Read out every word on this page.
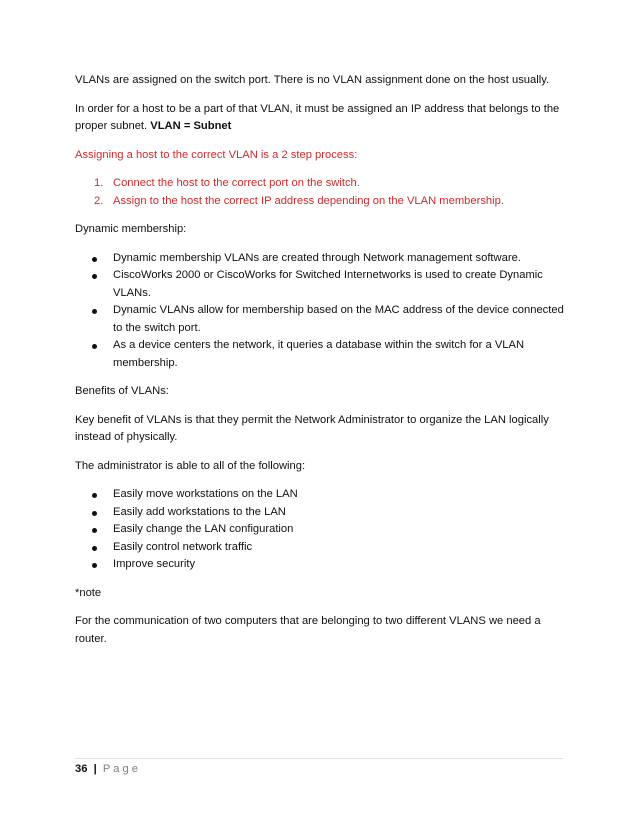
VLANs are assigned on the switch port. There is no VLAN assignment done on the host usually.

In order for a host to be a part of that VLAN, it must be assigned an IP address that belongs to the proper subnet. VLAN = Subnet

Assigning a host to the correct VLAN is a 2 step process:

1. Connect the host to the correct port on the switch.
2. Assign to the host the correct IP address depending on the VLAN membership.

Dynamic membership:

Dynamic membership VLANs are created through Network management software.
CiscoWorks 2000 or CiscoWorks for Switched Internetworks is used to create Dynamic VLANs.
Dynamic VLANs allow for membership based on the MAC address of the device connected to the switch port.
As a device centers the network, it queries a database within the switch for a VLAN membership.

Benefits of VLANs:

Key benefit of VLANs is that they permit the Network Administrator to organize the LAN logically instead of physically.

The administrator is able to all of the following:

Easily move workstations on the LAN
Easily add workstations to the LAN
Easily change the LAN configuration
Easily control network traffic
Improve security

*note

For the communication of two computers that are belonging to two different VLANS we need a router.

36 | Page
